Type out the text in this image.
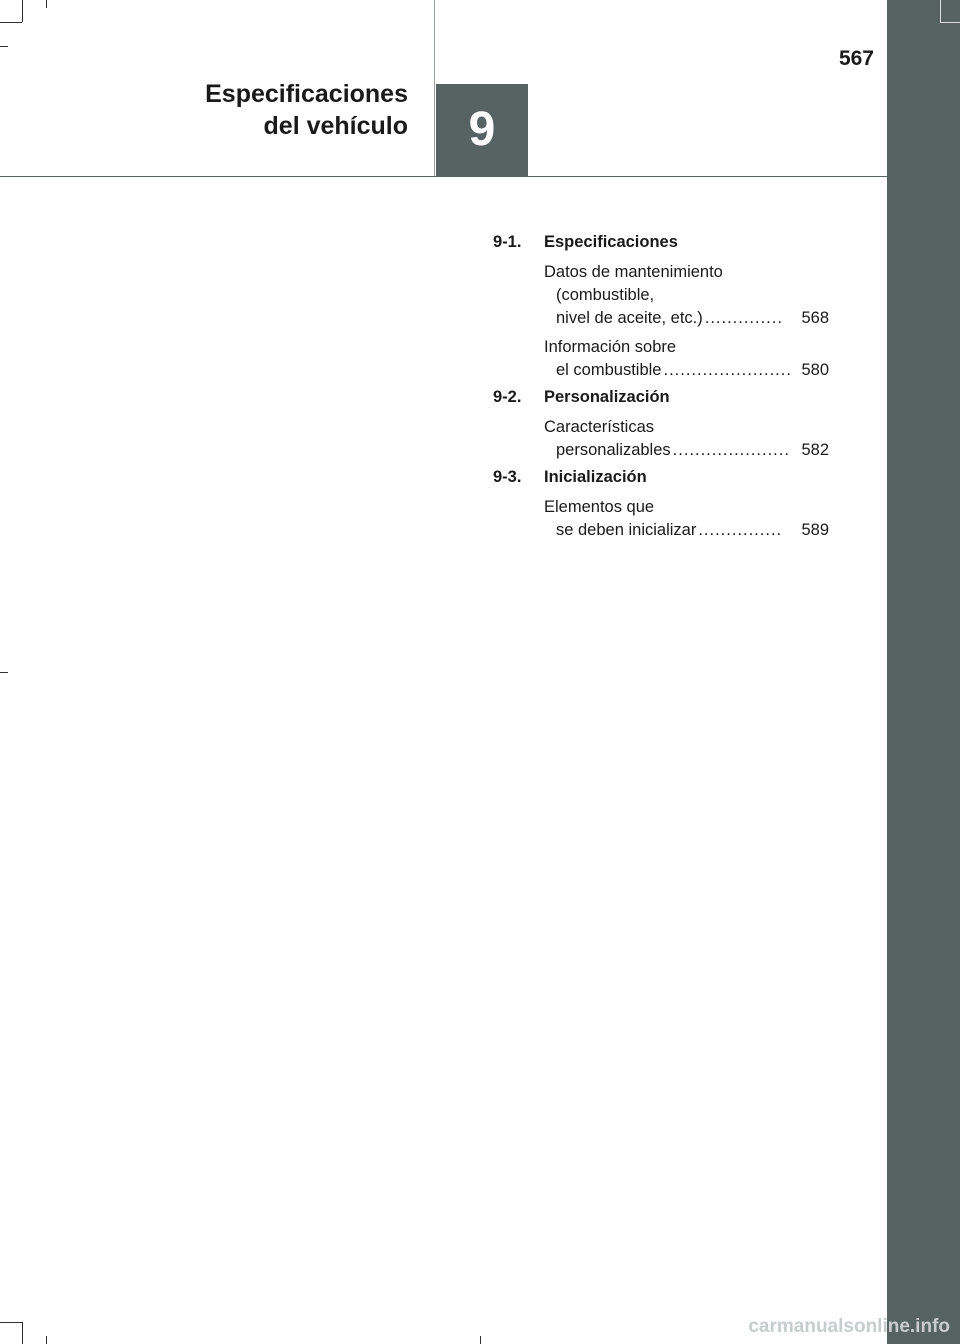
567
Especificaciones
del vehículo 9
9-1. Especificaciones
Datos de mantenimiento
(combustible,
nivel de aceite, etc.) ..............	568
Información sobre
el combustible ....................... 580
9-2. Personalización
Características
personalizables ..................... 582
9-3. Inicialización
Elementos que
se deben inicializar ...............	589
carmanualsonline.info
